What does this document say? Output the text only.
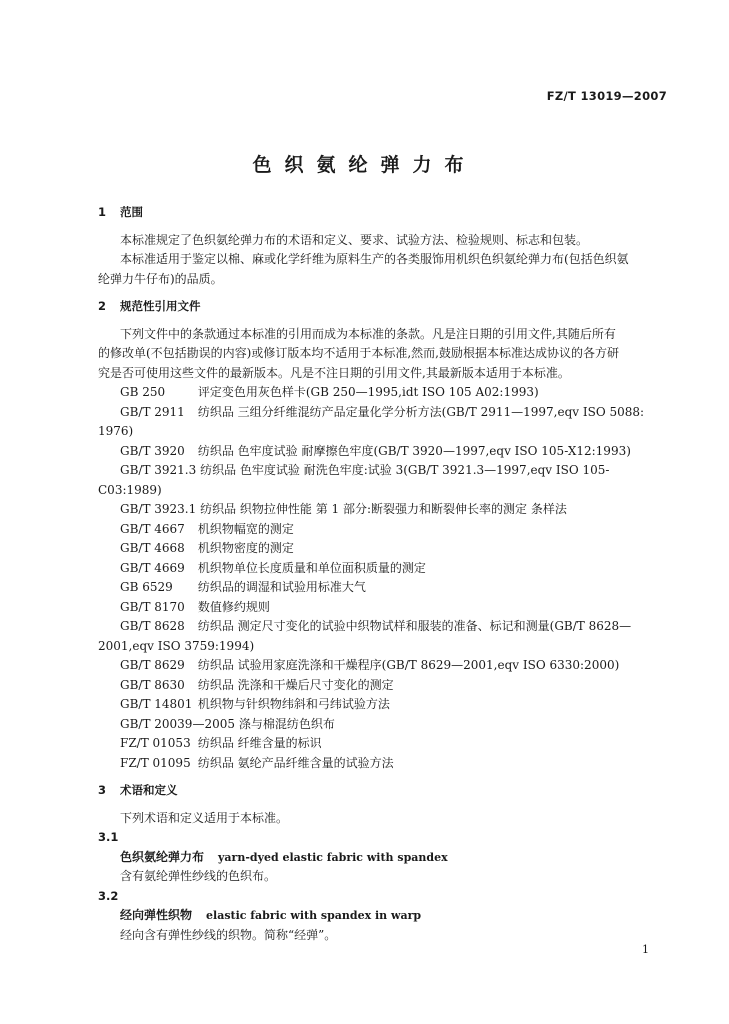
FZ/T 13019—2007
色织氨纶弹力布
1 范围
本标准规定了色织氨纶弹力布的术语和定义、要求、试验方法、检验规则、标志和包装。
本标准适用于鉴定以棉、麻或化学纤维为原料生产的各类服饰用机织色织氨纶弹力布(包括色织氨
纶弹力牛仔布)的品质。
2 规范性引用文件
下列文件中的条款通过本标准的引用而成为本标准的条款。凡是注日期的引用文件,其随后所有
的修改单(不包括勘误的内容)或修订版本均不适用于本标准,然而,鼓励根据本标准达成协议的各方研
究是否可使用这些文件的最新版本。凡是不注日期的引用文件,其最新版本适用于本标准。
GB 250	评定变色用灰色样卡(GB 250—1995,idt ISO 105 A02:1993)
GB/T 2911 纺织品 三组分纤维混纺产品定量化学分析方法(GB/T 2911—1997,eqv ISO 5088:
1976)
GB/T 3920 纺织品 色牢度试验 耐摩擦色牢度(GB/T 3920—1997,eqv ISO 105-X12:1993)
GB/T 3921.3 纺织品 色牢度试验 耐洗色牢度:试验 3(GB/T 3921.3—1997,eqv ISO 105-
C03:1989)
GB/T 3923.1 纺织品 织物拉伸性能 第 1 部分:断裂强力和断裂伸长率的测定 条样法
GB/T 4667 机织物幅宽的测定
GB/T 4668 机织物密度的测定
GB/T 4669 机织物单位长度质量和单位面积质量的测定
GB 6529 纺织品的调湿和试验用标准大气
GB/T 8170 数值修约规则
GB/T 8628 纺织品 测定尺寸变化的试验中织物试样和服装的准备、标记和测量(GB/T 8628—
2001,eqv ISO 3759:1994)
GB/T 8629 纺织品 试验用家庭洗涤和干燥程序(GB/T 8629—2001,eqv ISO 6330:2000)
GB/T 8630 纺织品 洗涤和干燥后尺寸变化的测定
GB/T 14801 机织物与针织物纬斜和弓纬试验方法
GB/T 20039—2005 涤与棉混纺色织布
FZ/T 01053 纺织品 纤维含量的标识
FZ/T 01095 纺织品 氨纶产品纤维含量的试验方法
3 术语和定义
下列术语和定义适用于本标准。
3.1
色织氨纶弹力布 yarn-dyed elastic fabric with spandex
含有氨纶弹性纱线的色织布。
3.2
经向弹性织物 elastic fabric with spandex in warp
经向含有弹性纱线的织物。简称“经弹”。
1
